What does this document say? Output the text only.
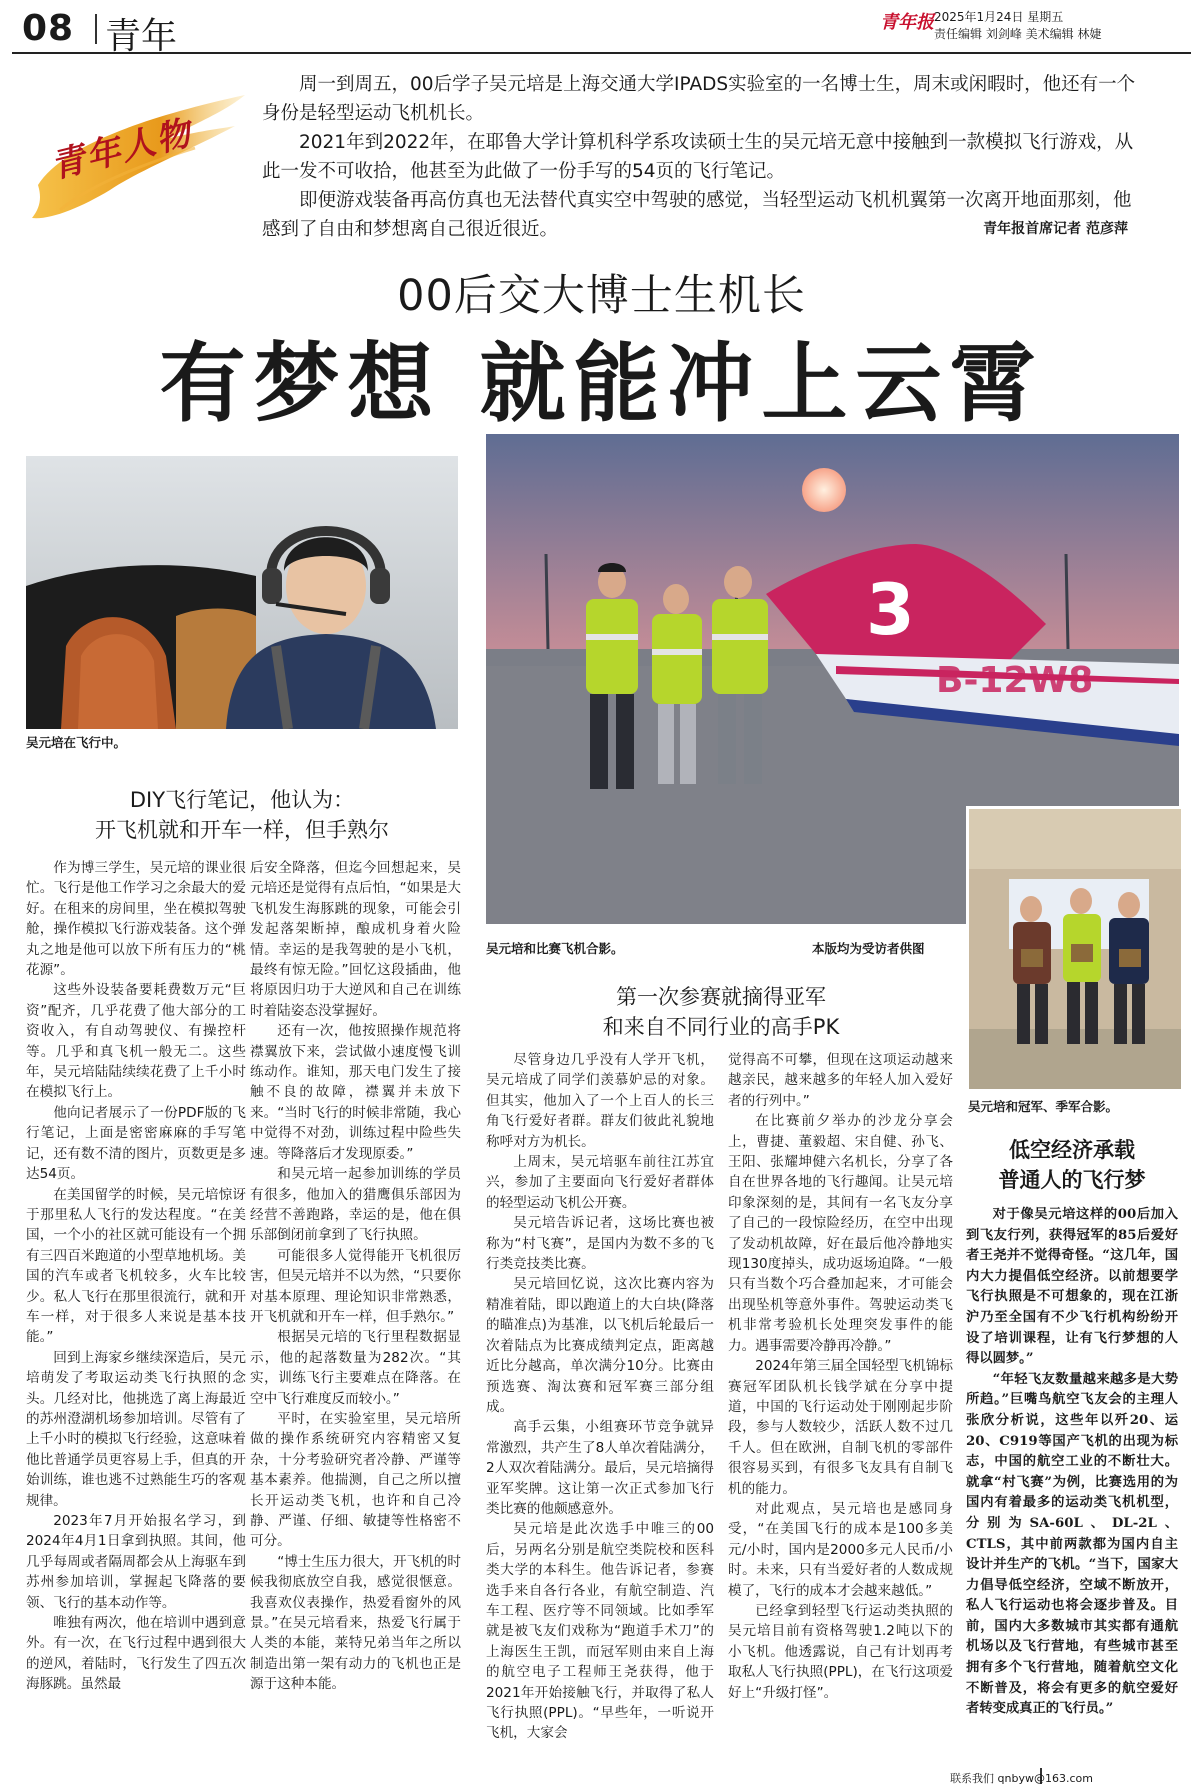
08 青年	青年报 2025年1月24日 星期五
责任编辑 刘剑峰 美术编辑 林婕
青年人物

周一到周五，00后学子吴元培是上海交通大学IPADS实验室的一名博士生，周末或闲暇时，他还有一个身份是轻型运动飞机机长。

2021年到2022年，在耶鲁大学计算机科学系攻读硕士生的吴元培无意中接触到一款模拟飞行游戏，从此一发不可收拾，他甚至为此做了一份手写的54页的飞行笔记。

即便游戏装备再高仿真也无法替代真实空中驾驶的感觉，当轻型运动飞机机翼第一次离开地面那刻，他感到了自由和梦想离自己很近很近。	青年报首席记者 范彦萍
00后交大博士生机长
有梦想 就能冲上云霄
吴元培在飞行中。
3
B-12W8
吴元培和比赛飞机合影。	本版均为受访者供图
吴元培和冠军、季军合影。
DIY飞行笔记，他认为：
开飞机就和开车一样，但手熟尔

作为博三学生，吴元培的课业很忙。飞行是他工作学习之余最大的爱好。在租来的房间里，坐在模拟驾驶舱，操作模拟飞行游戏装备。这个弹丸之地是他可以放下所有压力的“桃花源”。

这些外设装备要耗费数万元“巨资”配齐，几乎花费了他大部分的工资收入，有自动驾驶仪、有操控杆等。几乎和真飞机一般无二。这些年，吴元培陆陆续续花费了上千小时在模拟飞行上。

他向记者展示了一份PDF版的飞行笔记，上面是密密麻麻的手写笔记，还有数不清的图片，页数更是多达54页。

在美国留学的时候，吴元培惊讶于那里私人飞行的发达程度。“在美国，一个小的社区就可能设有一个拥有三四百米跑道的小型草地机场。美国的汽车或者飞机较多，火车比较少。私人飞行在那里很流行，就和开车一样，对于很多人来说是基本技能。”

回到上海家乡继续深造后，吴元培萌发了考取运动类飞行执照的念头。几经对比，他挑选了离上海最近的苏州澄湖机场参加培训。尽管有了上千小时的模拟飞行经验，这意味着他比普通学员更容易上手，但真的开始训练，谁也逃不过熟能生巧的客观规律。

2023年7月开始报名学习，到2024年4月1日拿到执照。其间，他几乎每周或者隔周都会从上海驱车到苏州参加培训，掌握起飞降落的要领、飞行的基本动作等。

唯独有两次，他在培训中遇到意外。有一次，在飞行过程中遇到很大的逆风，着陆时，飞行发生了四五次海豚跳。虽然最

后安全降落，但迄今回想起来，吴元培还是觉得有点后怕，“如果是大飞机发生海豚跳的现象，可能会引发起落架断掉，酿成机身着火险情。幸运的是我驾驶的是小飞机，最终有惊无险。”回忆这段插曲，他将原因归功于大逆风和自己在训练时着陆姿态没掌握好。

还有一次，他按照操作规范将襟翼放下来，尝试做小速度慢飞训练动作。谁知，那天电门发生了接触不良的故障，襟翼并未放下来。“当时飞行的时候非常随，我心中觉得不对劲，训练过程中险些失速。等降落后才发现原委。”

和吴元培一起参加训练的学员有很多，他加入的猎鹰俱乐部因为经营不善跑路，幸运的是，他在俱乐部倒闭前拿到了飞行执照。

可能很多人觉得能开飞机很厉害，但吴元培并不以为然，“只要你对基本原理、理论知识非常熟悉，开飞机就和开车一样，但手熟尔。”

根据吴元培的飞行里程数据显示，他的起落数量为282次。“其实，训练飞行主要难点在降落。在空中飞行难度反而较小。”

平时，在实验室里，吴元培所做的操作系统研究内容精密又复杂，十分考验研究者冷静、严谨等基本素养。他揣测，自己之所以擅长开运动类飞机，也许和自己冷静、严谨、仔细、敏捷等性格密不可分。

“博士生压力很大，开飞机的时候我彻底放空自我，感觉很惬意。我喜欢仪表操作，热爱看窗外的风景。”在吴元培看来，热爱飞行属于人类的本能，莱特兄弟当年之所以制造出第一架有动力的飞机也正是源于这种本能。

第一次参赛就摘得亚军
和来自不同行业的高手PK

尽管身边几乎没有人学开飞机，吴元培成了同学们羡慕妒忌的对象。但其实，他加入了一个上百人的长三角飞行爱好者群。群友们彼此礼貌地称呼对方为机长。

上周末，吴元培驱车前往江苏宜兴，参加了主要面向飞行爱好者群体的轻型运动飞机公开赛。

吴元培告诉记者，这场比赛也被称为“村飞赛”，是国内为数不多的飞行类竞技类比赛。

吴元培回忆说，这次比赛内容为精准着陆，即以跑道上的大白块(降落的瞄准点)为基准，以飞机后轮最后一次着陆点为比赛成绩判定点，距离越近比分越高，单次满分10分。比赛由预选赛、淘汰赛和冠军赛三部分组成。

高手云集，小组赛环节竞争就异常激烈，共产生了8人单次着陆满分，2人双次着陆满分。最后，吴元培摘得亚军奖牌。这让第一次正式参加飞行类比赛的他颇感意外。

吴元培是此次选手中唯三的00后，另两名分别是航空类院校和医科类大学的本科生。他告诉记者，参赛选手来自各行各业，有航空制造、汽车工程、医疗等不同领域。比如季军就是被飞友们戏称为“跑道手术刀”的上海医生王凯，而冠军则由来自上海的航空电子工程师王尧获得，他于2021年开始接触飞行，并取得了私人飞行执照(PPL)。“早些年，一听说开飞机，大家会

觉得高不可攀，但现在这项运动越来越亲民，越来越多的年轻人加入爱好者的行列中。”

在比赛前夕举办的沙龙分享会上，曹捷、董毅超、宋自健、孙飞、王阳、张耀坤健六名机长，分享了各自在世界各地的飞行趣闻。让吴元培印象深刻的是，其间有一名飞友分享了自己的一段惊险经历，在空中出现了发动机故障，好在最后他冷静地实现130度掉头，成功返场迫降。“一般只有当数个巧合叠加起来，才可能会出现坠机等意外事件。驾驶运动类飞机非常考验机长处理突发事件的能力。遇事需要冷静再冷静。”

2024年第三届全国轻型飞机锦标赛冠军团队机长钱学斌在分享中提道，中国的飞行运动处于刚刚起步阶段，参与人数较少，活跃人数不过几千人。但在欧洲，自制飞机的零部件很容易买到，有很多飞友具有自制飞机的能力。

对此观点，吴元培也是感同身受，“在美国飞行的成本是100多美元/小时，国内是2000多元人民币/小时。未来，只有当爱好者的人数成规模了，飞行的成本才会越来越低。”

已经拿到轻型飞行运动类执照的吴元培目前有资格驾驶1.2吨以下的小飞机。他透露说，自己有计划再考取私人飞行执照(PPL)，在飞行这项爱好上“升级打怪”。

低空经济承载
普通人的飞行梦

对于像吴元培这样的00后加入到飞友行列，获得冠军的85后爱好者王尧并不觉得奇怪。“这几年，国内大力提倡低空经济。以前想要学飞行执照是不可想象的，现在江浙沪乃至全国有不少飞行机构纷纷开设了培训课程，让有飞行梦想的人得以圆梦。”

“年轻飞友数量越来越多是大势所趋。”巨嘴鸟航空飞友会的主理人张欣分析说，这些年以歼20、运20、C919等国产飞机的出现为标志，中国的航空工业的不断壮大。就拿“村飞赛”为例，比赛选用的为国内有着最多的运动类飞机机型，分别为SA-60L、DL-2L、CTLS，其中前两款都为国内自主设计并生产的飞机。“当下，国家大力倡导低空经济，空域不断放开，私人飞行运动也将会逐步普及。目前，国内大多数城市其实都有通航机场以及飞行营地，有些城市甚至拥有多个飞行营地，随着航空文化不断普及，将会有更多的航空爱好者转变成真正的飞行员。”

联系我们 qnbyw@163.com
